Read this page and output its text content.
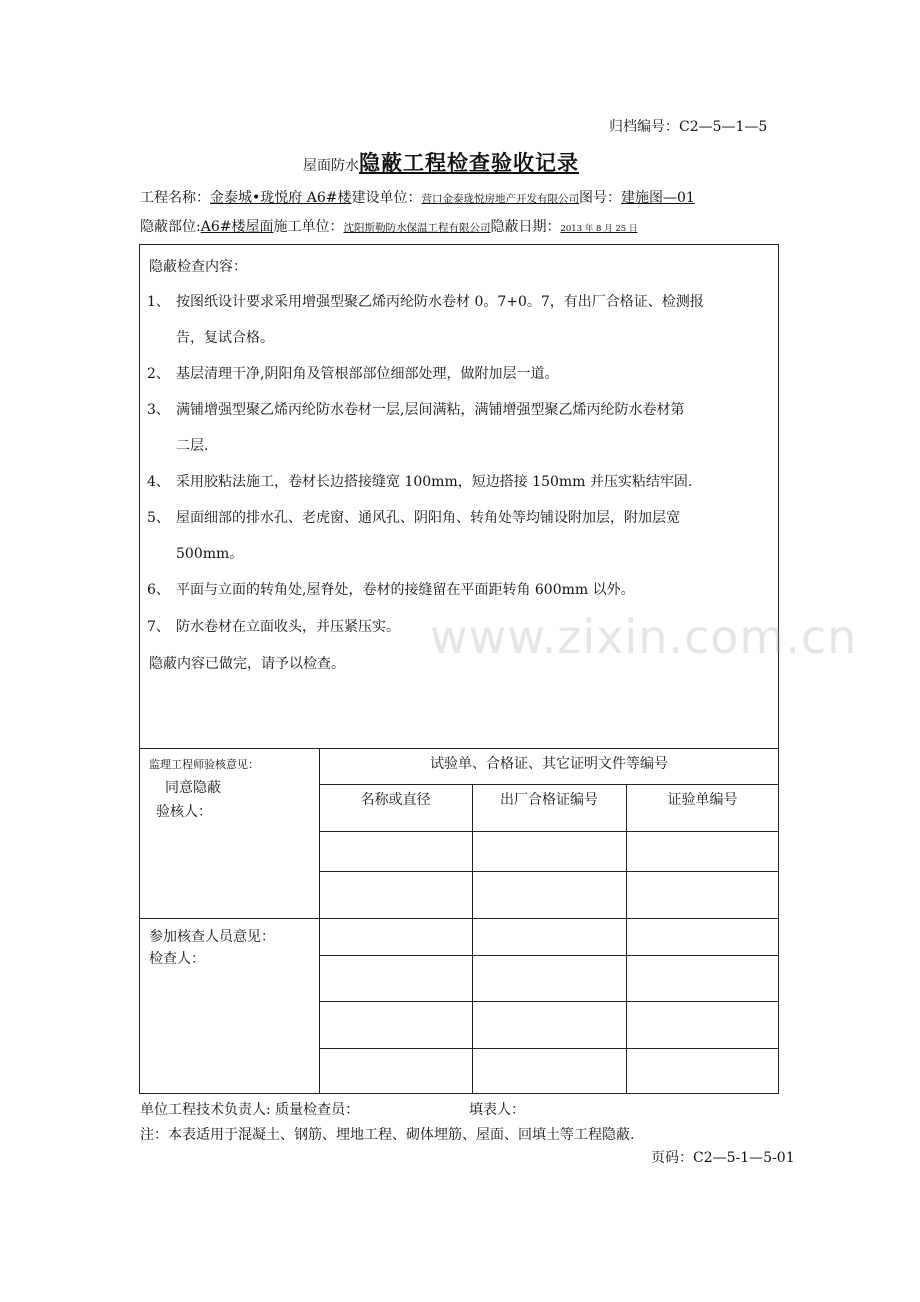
归档编号：C2—5—1—5
屋面防水隐蔽工程检查验收记录
工程名称：金泰城•珑悦府 A6#楼建设单位：营口金泰珑悦房地产开发有限公司图号：建施图—01
隐蔽部位:A6#楼屋面施工单位：沈阳斯勒防水保温工程有限公司隐蔽日期：2013 年 8 月 25 日
隐蔽检查内容：
1、 按图纸设计要求采用增强型聚乙烯丙纶防水卷材 0。7+0。7，有出厂合格证、检测报
告，复试合格。
2、 基层清理干净,阴阳角及管根部部位细部处理，做附加层一道。
3、 满铺增强型聚乙烯丙纶防水卷材一层,层间满粘，满铺增强型聚乙烯丙纶防水卷材第
二层.
4、 采用胶粘法施工，卷材长边搭接缝宽 100mm，短边搭接 150mm 并压实粘结牢固.
5、 屋面细部的排水孔、老虎窗、通风孔、阴阳角、转角处等均铺设附加层，附加层宽
500mm。
6、 平面与立面的转角处,屋脊处，卷材的接缝留在平面距转角 600mm 以外。
7、 防水卷材在立面收头，并压紧压实。
隐蔽内容已做完，请予以检查。 www.zixin.com.cn
监理工程师验核意见：
同意隐蔽
验核人：
试验单、合格证、其它证明文件等编号
名称或直径	出厂合格证编号	证验单编号
参加核查人员意见：
检查人：
单位工程技术负责人: 质量检查员：	填表人：
注：本表适用于混凝土、钢筋、埋地工程、砌体埋筋、屋面、回填土等工程隐蔽.
页码：C2—5-1—5-01
